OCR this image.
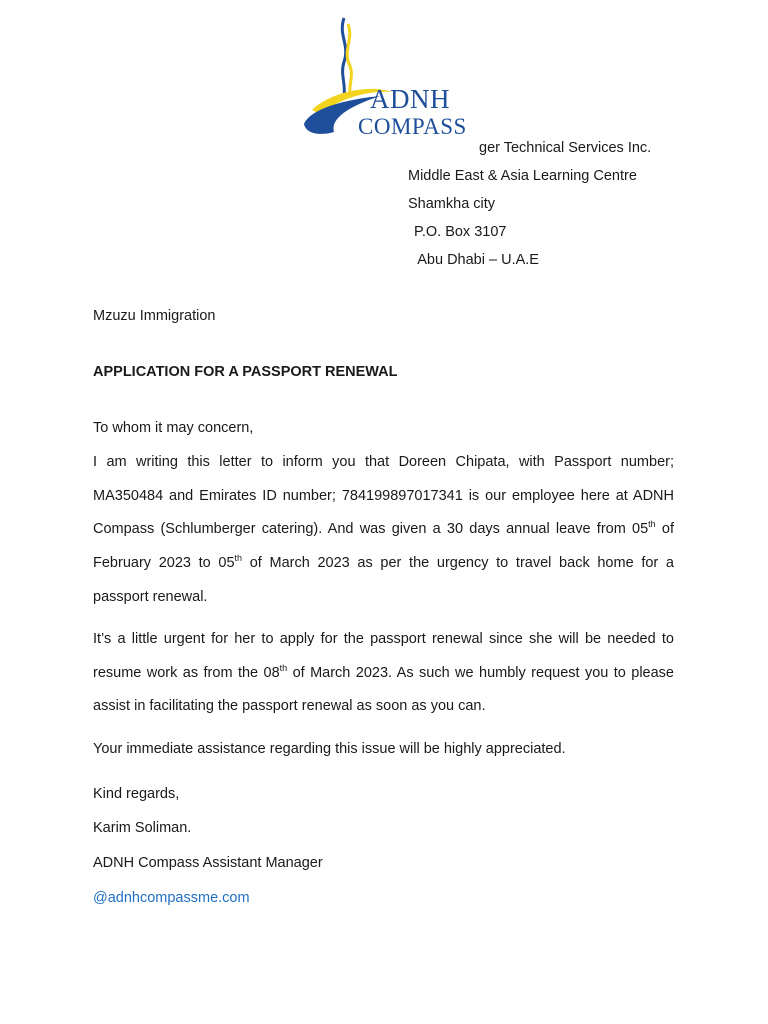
ADNH
COMPASS
ger Technical Services Inc.
Middle East & Asia Learning Centre
Shamkha city
P.O. Box 3107
Abu Dhabi – U.A.E
Mzuzu Immigration
APPLICATION FOR A PASSPORT RENEWAL
To whom it may concern,
I am writing this letter to inform you that Doreen Chipata, with Passport number; MA350484 and Emirates ID number; 784199897017341 is our employee here at ADNH Compass (Schlumberger catering). And was given a 30 days annual leave from 05th of February 2023 to 05th of March 2023 as per the urgency to travel back home for a passport renewal.
It’s a little urgent for her to apply for the passport renewal since she will be needed to resume work as from the 08th of March 2023. As such we humbly request you to please assist in facilitating the passport renewal as soon as you can.
Your immediate assistance regarding this issue will be highly appreciated.
Kind regards,
Karim Soliman.
ADNH Compass Assistant Manager
@adnhcompassme.com
